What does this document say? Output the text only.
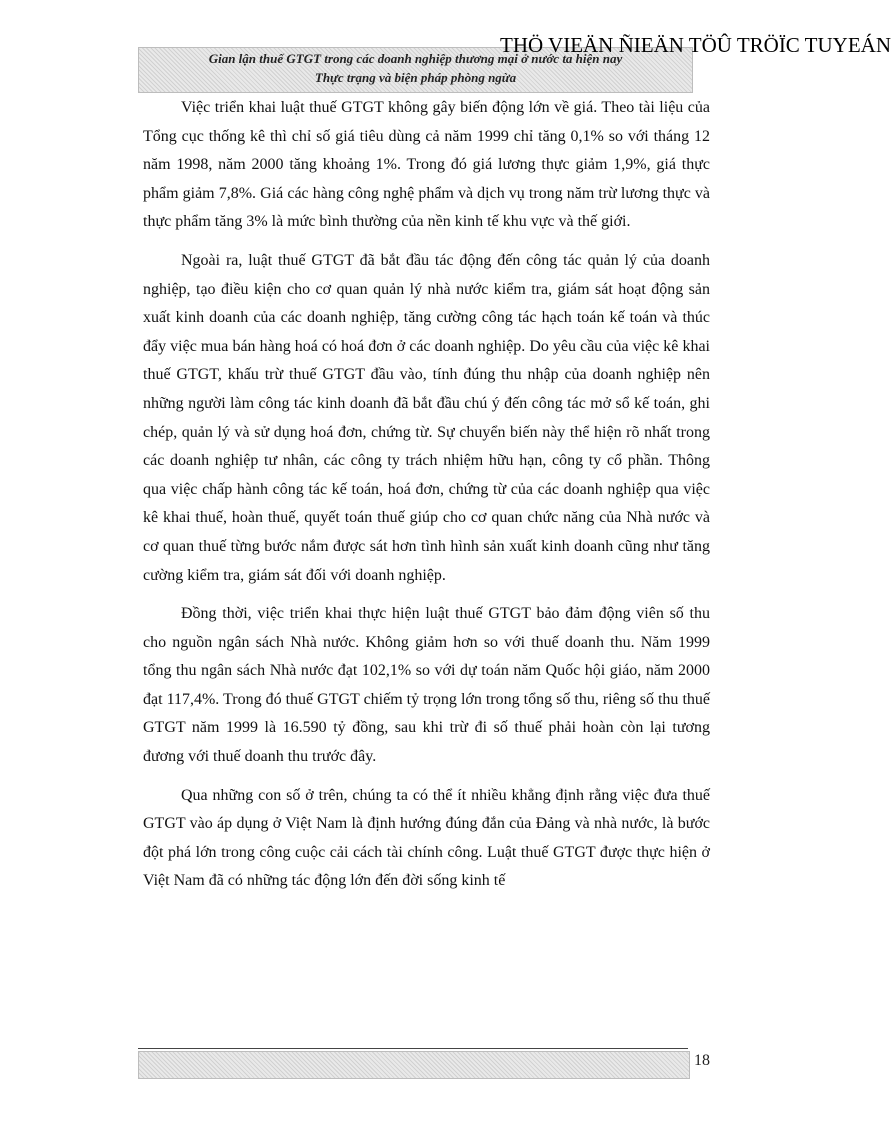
Gian lận thuế GTGT trong các doanh nghiệp thương mại ở nước ta hiện nay
Thực trạng và biện pháp phòng ngừa
THÖ VIEÄN ÑIEÄN TÖÛ TRÖÏC TUYEÁN

Việc triển khai luật thuế GTGT không gây biến động lớn về giá. Theo tài liệu của Tổng cục thống kê thì chỉ số giá tiêu dùng cả năm 1999 chỉ tăng 0,1% so với tháng 12 năm 1998, năm 2000 tăng khoảng 1%. Trong đó giá lương thực giảm 1,9%, giá thực phẩm giảm 7,8%. Giá các hàng công nghệ phẩm và dịch vụ trong năm trừ lương thực và thực phẩm tăng 3% là mức bình thường của nền kinh tế khu vực và thế giới.

Ngoài ra, luật thuế GTGT đã bắt đầu tác động đến công tác quản lý của doanh nghiệp, tạo điều kiện cho cơ quan quản lý nhà nước kiểm tra, giám sát hoạt động sản xuất kinh doanh của các doanh nghiệp, tăng cường công tác hạch toán kế toán và thúc đẩy việc mua bán hàng hoá có hoá đơn ở các doanh nghiệp. Do yêu cầu của việc kê khai thuế GTGT, khấu trừ thuế GTGT đầu vào, tính đúng thu nhập của doanh nghiệp nên những người làm công tác kinh doanh đã bắt đầu chú ý đến công tác mở sổ kế toán, ghi chép, quản lý và sử dụng hoá đơn, chứng từ. Sự chuyển biến này thể hiện rõ nhất trong các doanh nghiệp tư nhân, các công ty trách nhiệm hữu hạn, công ty cổ phần. Thông qua việc chấp hành công tác kế toán, hoá đơn, chứng từ của các doanh nghiệp qua việc kê khai thuế, hoàn thuế, quyết toán thuế giúp cho cơ quan chức năng của Nhà nước và cơ quan thuế từng bước nắm được sát hơn tình hình sản xuất kinh doanh cũng như tăng cường kiểm tra, giám sát đối với doanh nghiệp.

Đồng thời, việc triển khai thực hiện luật thuế GTGT bảo đảm động viên số thu cho nguồn ngân sách Nhà nước. Không giảm hơn so với thuế doanh thu. Năm 1999 tổng thu ngân sách Nhà nước đạt 102,1% so với dự toán năm Quốc hội giáo, năm 2000 đạt 117,4%. Trong đó thuế GTGT chiếm tỷ trọng lớn trong tổng số thu, riêng số thu thuế GTGT năm 1999 là 16.590 tỷ đồng, sau khi trừ đi số thuế phải hoàn còn lại tương đương với thuế doanh thu trước đây.

Qua những con số ở trên, chúng ta có thể ít nhiều khẳng định rằng việc đưa thuế GTGT vào áp dụng ở Việt Nam là định hướng đúng đắn của Đảng và nhà nước, là bước đột phá lớn trong công cuộc cải cách tài chính công. Luật thuế GTGT được thực hiện ở Việt Nam đã có những tác động lớn đến đời sống kinh tế

18
